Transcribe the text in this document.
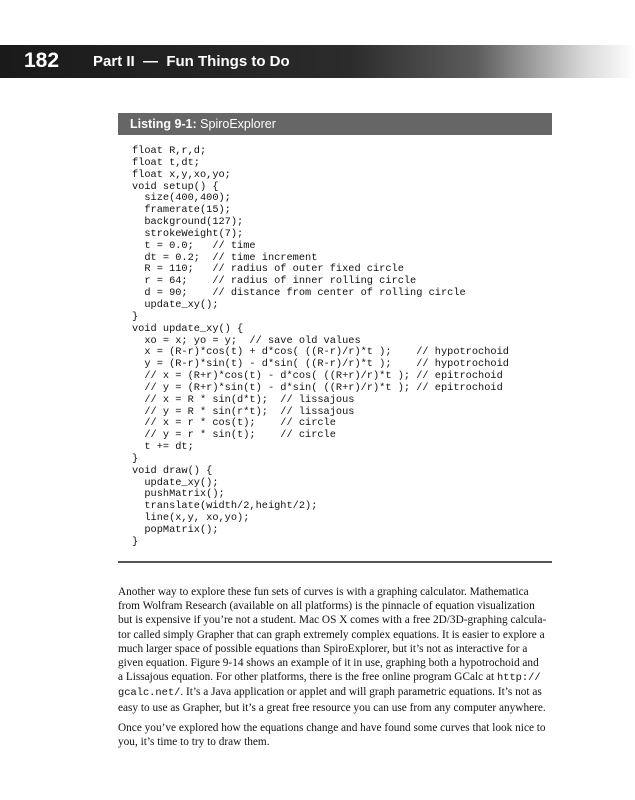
182 Part II  —  Fun Things to Do
Listing 9-1: SpiroExplorer
float R,r,d;
float t,dt;
float x,y,xo,yo;
void setup() {
size(400,400);
framerate(15);
background(127);
strokeWeight(7);
t = 0.0;   // time
dt = 0.2;  // time increment
R = 110;   // radius of outer fixed circle
r = 64;    // radius of inner rolling circle
d = 90;    // distance from center of rolling circle
update_xy();
}
void update_xy() {
xo = x; yo = y;  // save old values
x = (R-r)*cos(t) + d*cos( ((R-r)/r)*t );    // hypotrochoid
y = (R-r)*sin(t) - d*sin( ((R-r)/r)*t );    // hypotrochoid
// x = (R+r)*cos(t) - d*cos( ((R+r)/r)*t ); // epitrochoid
// y = (R+r)*sin(t) - d*sin( ((R+r)/r)*t ); // epitrochoid
// x = R * sin(d*t);  // lissajous
// y = R * sin(r*t);  // lissajous
// x = r * cos(t);    // circle
// y = r * sin(t);    // circle
t += dt;
}
void draw() {
update_xy();
pushMatrix();
translate(width/2,height/2);
line(x,y, xo,yo);
popMatrix();
}

Another way to explore these fun sets of curves is with a graphing calculator. Mathematica
from Wolfram Research (available on all platforms) is the pinnacle of equation visualization
but is expensive if you’re not a student. Mac OS X comes with a free 2D/3D-graphing calcula-
tor called simply Grapher that can graph extremely complex equations. It is easier to explore a
much larger space of possible equations than SpiroExplorer, but it’s not as interactive for a
given equation. Figure 9-14 shows an example of it in use, graphing both a hypotrochoid and
a Lissajous equation. For other platforms, there is the free online program GCalc at http://
gcalc.net/. It’s a Java application or applet and will graph parametric equations. It’s not as
easy to use as Grapher, but it’s a great free resource you can use from any computer anywhere.

Once you’ve explored how the equations change and have found some curves that look nice to
you, it’s time to try to draw them.
